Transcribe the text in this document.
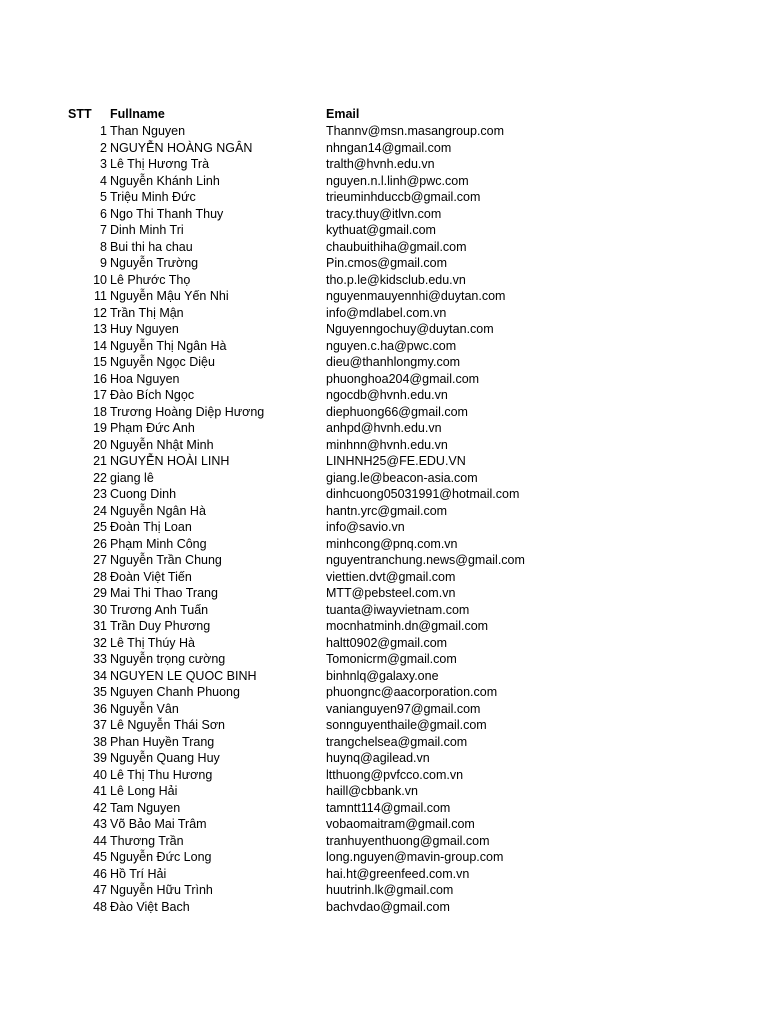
STT Fullname	Email
1 Than Nguyen	Thannv@msn.masangroup.com
2 NGUYỄN HOÀNG NGÂN	nhngan14@gmail.com
3 Lê Thị Hương Trà	tralth@hvnh.edu.vn
4 Nguyễn Khánh Linh	nguyen.n.l.linh@pwc.com
5 Triệu Minh Đức	trieuminhduccb@gmail.com
6 Ngo Thi Thanh Thuy	tracy.thuy@itlvn.com
7 Dinh Minh Tri	kythuat@gmail.com
8 Bui thi ha chau	chaubuithiha@gmail.com
9 Nguyễn Trường	Pin.cmos@gmail.com
10 Lê Phước Thọ	tho.p.le@kidsclub.edu.vn
11 Nguyễn Mậu Yến Nhi	nguyenmauyennhi@duytan.com
12 Trần Thị Mận	info@mdlabel.com.vn
13 Huy Nguyen	Nguyenngochuy@duytan.com
14 Nguyễn Thị Ngân Hà	nguyen.c.ha@pwc.com
15 Nguyễn Ngọc Diệu	dieu@thanhlongmy.com
16 Hoa Nguyen	phuonghoa204@gmail.com
17 Đào Bích Ngọc	ngocdb@hvnh.edu.vn
18 Trương Hoàng Diệp Hương	diephuong66@gmail.com
19 Phạm Đức Anh	anhpd@hvnh.edu.vn
20 Nguyễn Nhật Minh	minhnn@hvnh.edu.vn
21 NGUYỄN HOÀI LINH	LINHNH25@FE.EDU.VN
22 giang lê	giang.le@beacon-asia.com
23 Cuong Dinh	dinhcuong05031991@hotmail.com
24 Nguyễn Ngân Hà	hantn.yrc@gmail.com
25 Đoàn Thị Loan	info@savio.vn
26 Phạm Minh Công	minhcong@pnq.com.vn
27 Nguyễn Trần Chung	nguyentranchung.news@gmail.com
28 Đoàn Việt Tiến	viettien.dvt@gmail.com
29 Mai Thi Thao Trang	MTT@pebsteel.com.vn
30 Trương Anh Tuấn	tuanta@iwayvietnam.com
31 Trần Duy Phương	mocnhatminh.dn@gmail.com
32 Lê Thị Thúy Hà	haltt0902@gmail.com
33 Nguyễn trọng cường	Tomonicrm@gmail.com
34 NGUYEN LE QUOC BINH	binhnlq@galaxy.one
35 Nguyen Chanh Phuong	phuongnc@aacorporation.com
36 Nguyễn Vân	vanianguyen97@gmail.com
37 Lê Nguyễn Thái Sơn	sonnguyenthaile@gmail.com
38 Phan Huyền Trang	trangchelsea@gmail.com
39 Nguyễn Quang Huy	huynq@agilead.vn
40 Lê Thị Thu Hương	ltthuong@pvfcco.com.vn
41 Lê Long Hải	haill@cbbank.vn
42 Tam Nguyen	tamntt114@gmail.com
43 Võ Bảo Mai Trâm	vobaomaitram@gmail.com
44 Thương Trần	tranhuyenthuong@gmail.com
45 Nguyễn Đức Long	long.nguyen@mavin-group.com
46 Hồ Trí Hải	hai.ht@greenfeed.com.vn
47 Nguyễn Hữu Trình	huutrinh.lk@gmail.com
48 Đào Việt Bach	bachvdao@gmail.com
